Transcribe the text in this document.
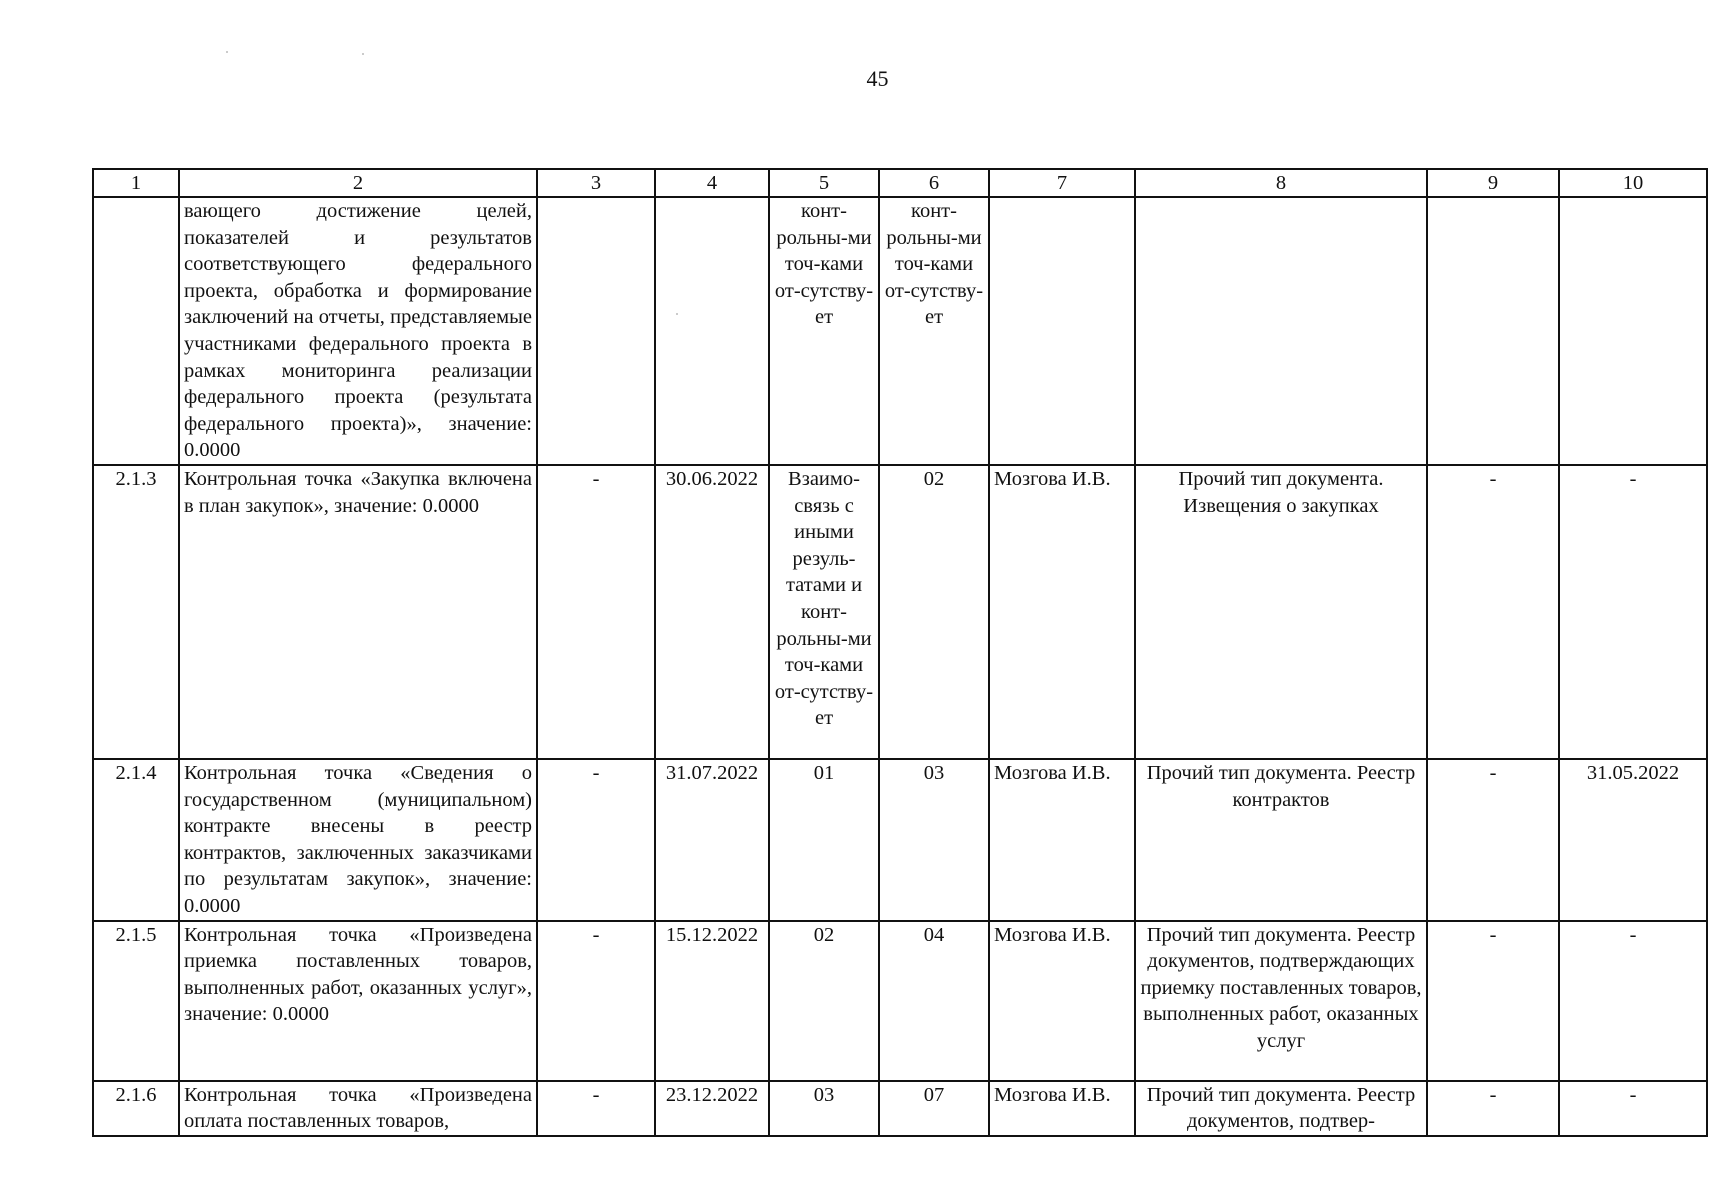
45
1	2	3	4	5	6	7	8	9	10
	вающего достижение целей, показателей и результатов соответствующего федерального проекта, обработка и формирование заключений на отчеты, представляемые участниками федерального проекта в рамках мониторинга реализации федерального проекта (результата федерального проекта)», значение: 0.0000			конт-рольны-ми точ-ками от-сутству-ет	конт-рольны-ми точ-ками от-сутству-ет				
2.1.3	Контрольная точка «Закупка включена в план закупок», значение: 0.0000	-	30.06.2022	Взаимо-связь с иными резуль-татами и конт-рольны-ми точ-ками от-сутству-ет	02	Мозгова И.В.	Прочий тип документа. Извещения о закупках	-	-
2.1.4	Контрольная точка «Сведения о государственном (муниципальном) контракте внесены в реестр контрактов, заключенных заказчиками по результатам закупок», значение: 0.0000	-	31.07.2022	01	03	Мозгова И.В.	Прочий тип документа. Реестр контрактов	-	31.05.2022
2.1.5	Контрольная точка «Произведена приемка поставленных товаров, выполненных работ, оказанных услуг», значение: 0.0000	-	15.12.2022	02	04	Мозгова И.В.	Прочий тип документа. Реестр документов, подтверждающих приемку поставленных товаров, выполненных работ, оказанных услуг	-	-
2.1.6	Контрольная точка «Произведена оплата поставленных товаров,	-	23.12.2022	03	07	Мозгова И.В.	Прочий тип документа. Реестр документов, подтвер-	-	-
